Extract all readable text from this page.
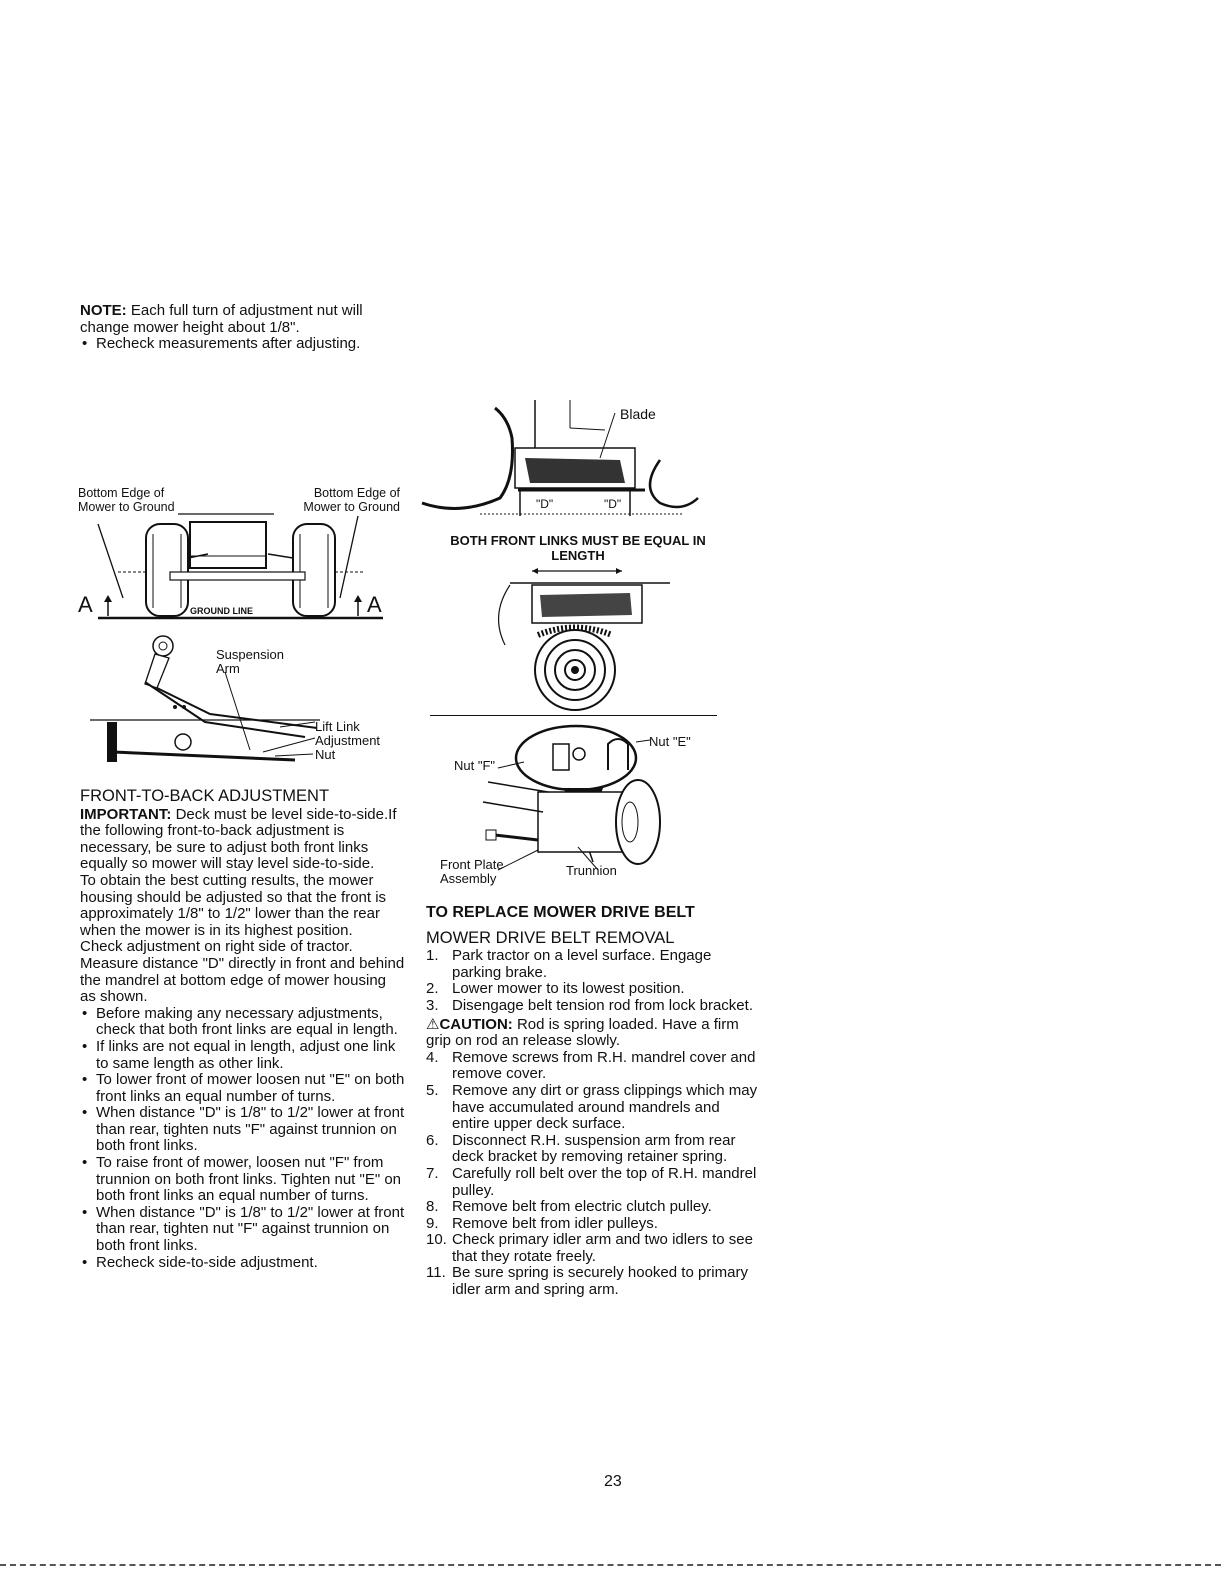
NOTE: Each full turn of adjustment nut will change mower height about 1/8".

• Recheck measurements after adjusting.
Bottom Edge of Mower to Ground
Bottom Edge of Mower to Ground
A	A
GROUND LINE
Suspension Arm
Lift Link Adjustment Nut

FRONT-TO-BACK ADJUSTMENT

IMPORTANT: Deck must be level side-to-side.If the following front-to-back adjustment is necessary, be sure to adjust both front links equally so mower will stay level side-to-side.

To obtain the best cutting results, the mower housing should be adjusted so that the front is approximately 1/8" to 1/2" lower than the rear when the mower is in its highest position.

Check adjustment on right side of tractor. Measure distance "D" directly in front and behind the mandrel at bottom edge of mower housing as shown.

• Before making any necessary adjustments, check that both front links are equal in length.
• If links are not equal in length, adjust one link to same length as other link.
• To lower front of mower loosen nut "E" on both front links an equal number of turns.
• When distance "D" is 1/8" to 1/2" lower at front than rear, tighten nuts "F" against trunnion on both front links.
• To raise front of mower, loosen nut "F" from trunnion on both front links. Tighten nut "E" on both front links an equal number of turns.
• When distance "D" is 1/8" to 1/2" lower at front than rear, tighten nut "F" against trunnion on both front links.
• Recheck side-to-side adjustment.
Blade
"D"	"D"
BOTH FRONT LINKS MUST BE EQUAL IN LENGTH
Nut "E"
Nut "F"
Front Plate Assembly
Trunnion

TO REPLACE MOWER DRIVE BELT

MOWER DRIVE BELT REMOVAL

1. Park tractor on a level surface. Engage parking brake.
2. Lower mower to its lowest position.
3. Disengage belt tension rod from lock bracket.

⚠CAUTION: Rod is spring loaded. Have a firm grip on rod an release slowly.

4. Remove screws from R.H. mandrel cover and remove cover.
5. Remove any dirt or grass clippings which may have accumulated around mandrels and entire upper deck surface.
6. Disconnect R.H. suspension arm from rear deck bracket by removing retainer spring.
7. Carefully roll belt over the top of R.H. mandrel pulley.
8. Remove belt from electric clutch pulley.
9. Remove belt from idler pulleys.
10. Check primary idler arm and two idlers to see that they rotate freely.
11. Be sure spring is securely hooked to primary idler arm and spring arm.
23
